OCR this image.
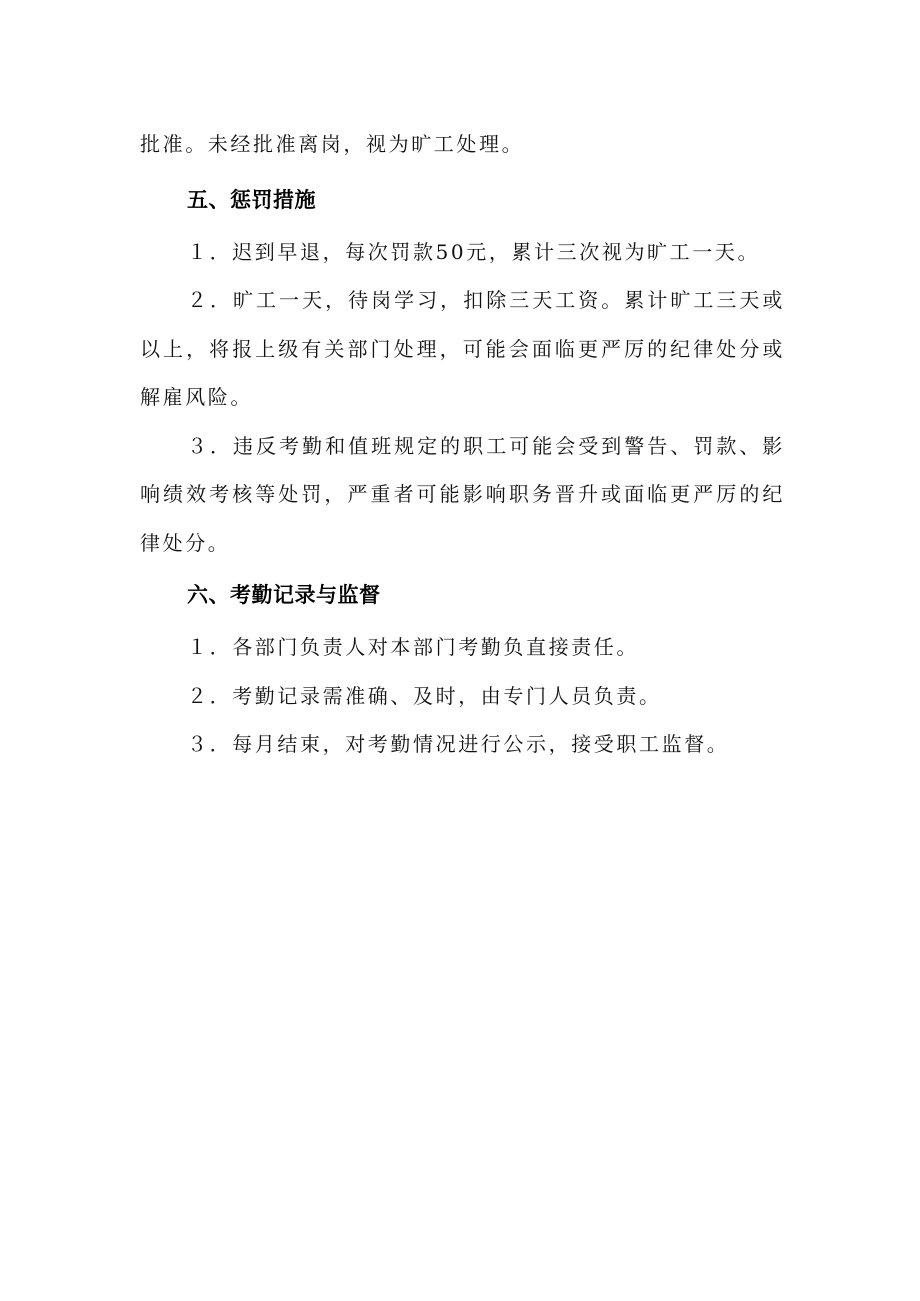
批准。未经批准离岗，视为旷工处理。

五、惩罚措施

１．迟到早退，每次罚款50元，累计三次视为旷工一天。

２．旷工一天，待岗学习，扣除三天工资。累计旷工三天或以上，将报上级有关部门处理，可能会面临更严厉的纪律处分或解雇风险。

３．违反考勤和值班规定的职工可能会受到警告、罚款、影响绩效考核等处罚，严重者可能影响职务晋升或面临更严厉的纪律处分。

六、考勤记录与监督

１．各部门负责人对本部门考勤负直接责任。

２．考勤记录需准确、及时，由专门人员负责。

３．每月结束，对考勤情况进行公示，接受职工监督。
